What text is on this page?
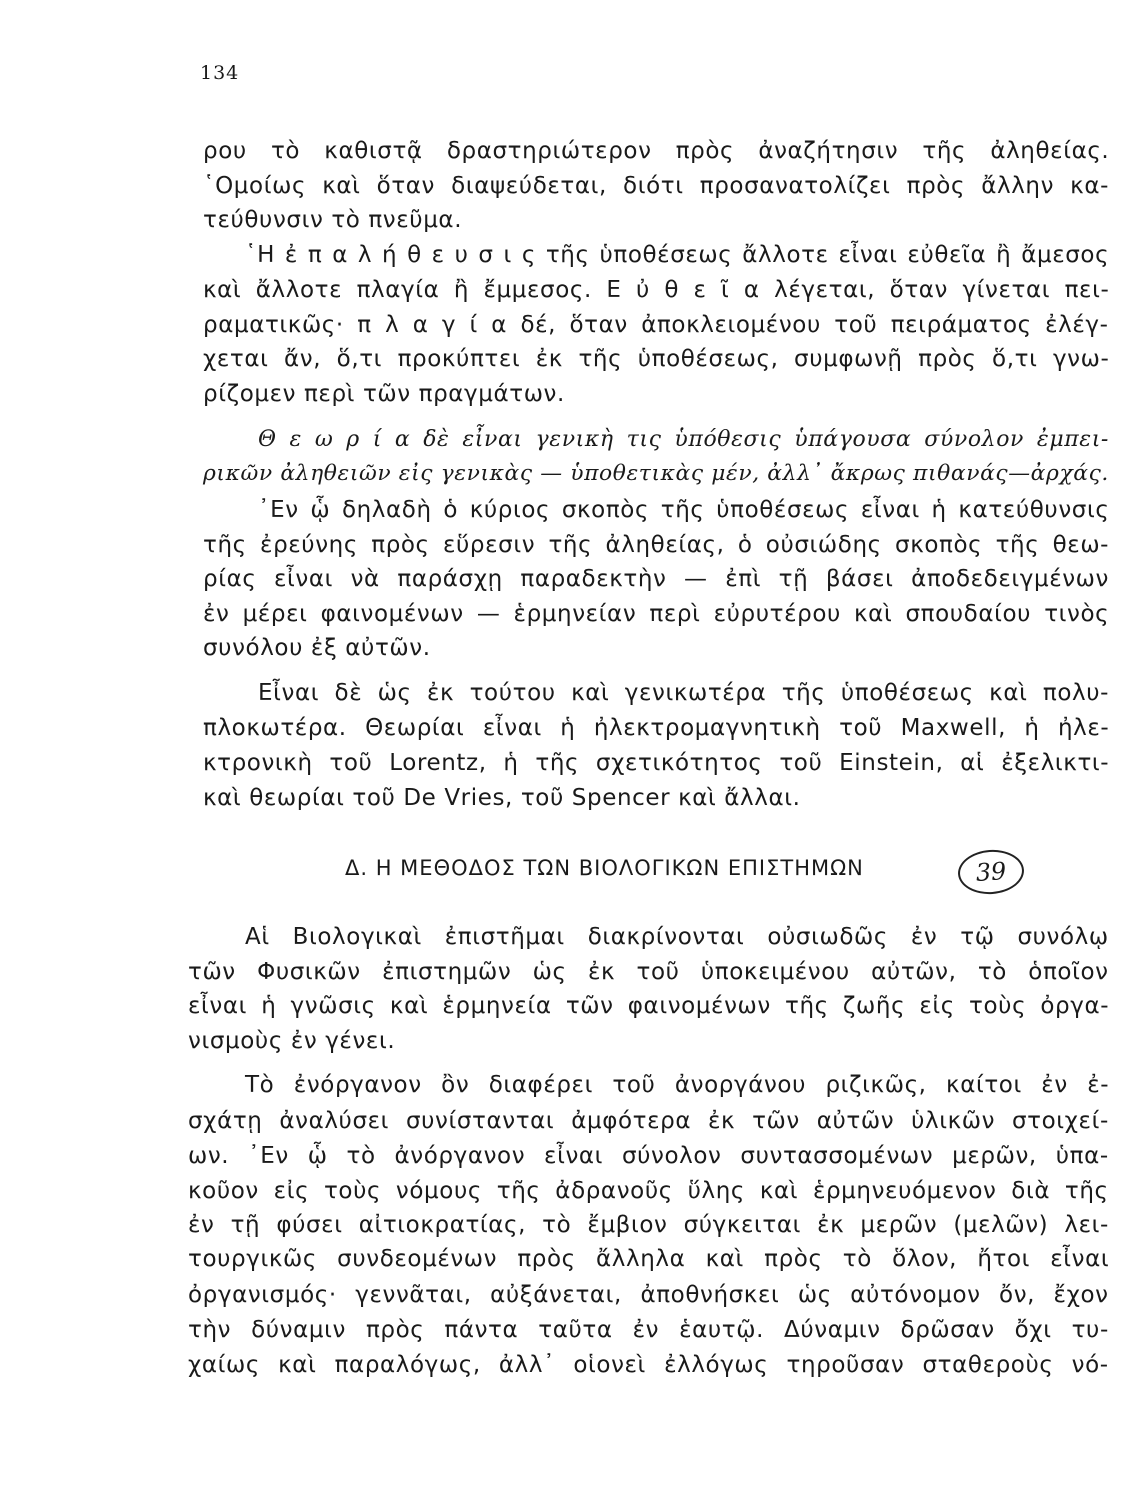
134
ρου τὸ καθιστᾷ δραστηριώτερον πρὸς ἀναζήτησιν τῆς ἀληθείας.
῾Ομοίως καὶ ὅταν διαψεύδεται, διότι προσανατολίζει πρὸς ἄλλην κα-
τεύθυνσιν τὸ πνεῦμα.
῾Η ἐ π α λ ή θ ε υ σ ι ς τῆς ὑποθέσεως ἄλλοτε εἶναι εὐθεῖα ἢ ἄμεσος
καὶ ἄλλοτε πλαγία ἢ ἔμμεσος. Ε ὐ θ ε ῖ α λέγεται, ὅταν γίνεται πει-
ραματικῶς· π λ α γ ί α δέ, ὅταν ἀποκλειομένου τοῦ πειράματος ἐλέγ-
χεται ἄν, ὅ,τι προκύπτει ἐκ τῆς ὑποθέσεως, συμφωνῇ πρὸς ὅ,τι γνω-
ρίζομεν περὶ τῶν πραγμάτων.
Θ ε ω ρ ί α δὲ εἶναι γενικὴ τις ὑπόθεσις ὑπάγουσα σύνολον ἐμπει-
ρικῶν ἀληθειῶν εἰς γενικὰς — ὑποθετικὰς μέν, ἀλλ᾿ ἄκρως πιθανάς—ἀρχάς.
᾿Εν ᾧ δηλαδὴ ὁ κύριος σκοπὸς τῆς ὑποθέσεως εἶναι ἡ κατεύθυνσις
τῆς ἐρεύνης πρὸς εὕρεσιν τῆς ἀληθείας, ὁ οὐσιώδης σκοπὸς τῆς θεω-
ρίας εἶναι νὰ παράσχῃ παραδεκτὴν — ἐπὶ τῇ βάσει ἀποδεδειγμένων
ἐν μέρει φαινομένων — ἑρμηνείαν περὶ εὐρυτέρου καὶ σπουδαίου τινὸς
συνόλου ἐξ αὐτῶν.
Εἶναι δὲ ὡς ἐκ τούτου καὶ γενικωτέρα τῆς ὑποθέσεως καὶ πολυ-
πλοκωτέρα. Θεωρίαι εἶναι ἡ ἠλεκτρομαγνητικὴ τοῦ Maxwell, ἡ ἠλε-
κτρονικὴ τοῦ Lorentz, ἡ τῆς σχετικότητος τοῦ Einstein, αἱ ἐξελικτι-
καὶ θεωρίαι τοῦ De Vries, τοῦ Spencer καὶ ἄλλαι.
Αἱ Βιολογικαὶ ἐπιστῆμαι διακρίνονται οὐσιωδῶς ἐν τῷ συνόλῳ
τῶν Φυσικῶν ἐπιστημῶν ὡς ἐκ τοῦ ὑποκειμένου αὐτῶν, τὸ ὁποῖον
εἶναι ἡ γνῶσις καὶ ἑρμηνεία τῶν φαινομένων τῆς ζωῆς εἰς τοὺς ὀργα-
νισμοὺς ἐν γένει.
Τὸ ἐνόργανον ὂν διαφέρει τοῦ ἀνοργάνου ριζικῶς, καίτοι ἐν ἐ-
σχάτῃ ἀναλύσει συνίστανται ἀμφότερα ἐκ τῶν αὐτῶν ὑλικῶν στοιχεί-
ων. ᾿Εν ᾧ τὸ ἀνόργανον εἶναι σύνολον συντασσομένων μερῶν, ὑπα-
κοῦον εἰς τοὺς νόμους τῆς ἀδρανοῦς ὕλης καὶ ἑρμηνευόμενον διὰ τῆς
ἐν τῇ φύσει αἰτιοκρατίας, τὸ ἔμβιον σύγκειται ἐκ μερῶν (μελῶν) λει-
τουργικῶς συνδεομένων πρὸς ἄλληλα καὶ πρὸς τὸ ὅλον, ἤτοι εἶναι
ὀργανισμός· γεννᾶται, αὐξάνεται, ἀποθνήσκει ὡς αὐτόνομον ὄν, ἔχον
τὴν δύναμιν πρὸς πάντα ταῦτα ἐν ἑαυτῷ. Δύναμιν δρῶσαν ὄχι τυ-
χαίως καὶ παραλόγως, ἀλλ᾿ οἱονεὶ ἐλλόγως τηροῦσαν σταθεροὺς νό-
Δ. Η ΜΕΘΟΔΟΣ ΤΩΝ ΒΙΟΛΟΓΙΚΩΝ ΕΠΙΣΤΗΜΩΝ	39
